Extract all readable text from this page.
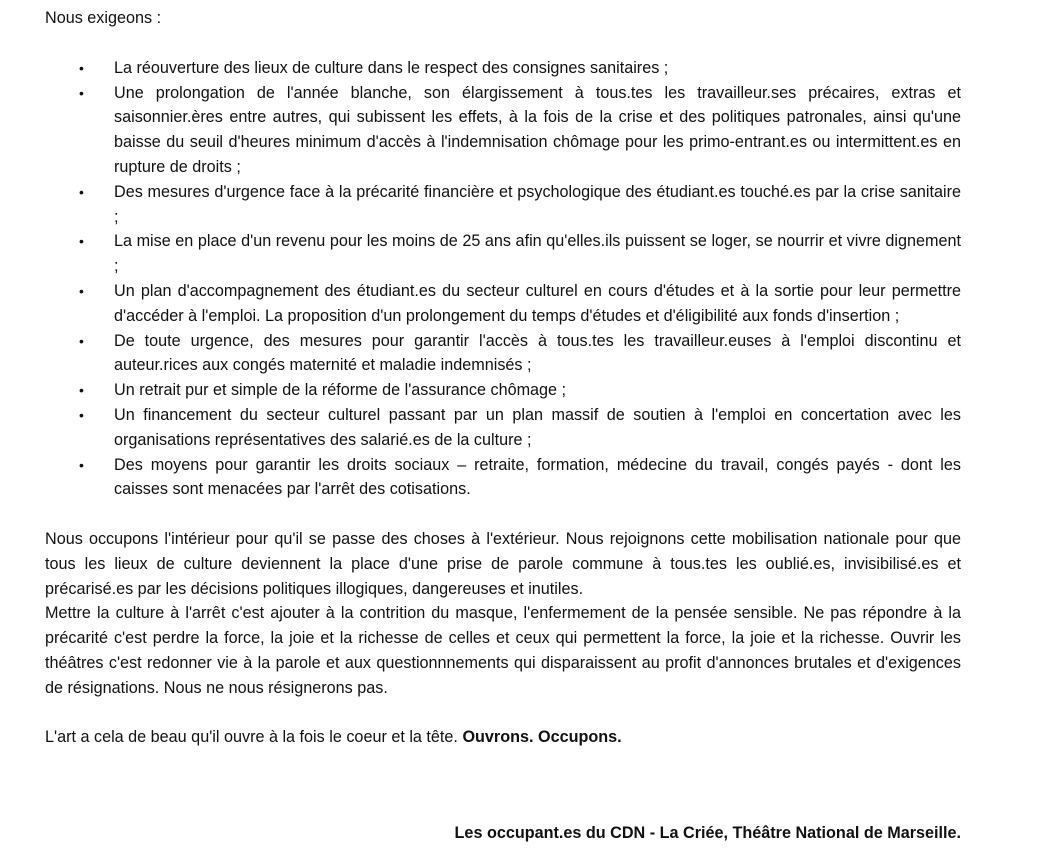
Nous exigeons :

• La réouverture des lieux de culture dans le respect des consignes sanitaires ;
• Une prolongation de l'année blanche, son élargissement à tous.tes les travailleur.ses précaires, extras et saisonnier.ères entre autres, qui subissent les effets, à la fois de la crise et des politiques patronales, ainsi qu'une baisse du seuil d'heures minimum d'accès à l'indemnisation chômage pour les primo-entrant.es ou intermittent.es en rupture de droits ;
• Des mesures d'urgence face à la précarité financière et psychologique des étudiant.es touché.es par la crise sanitaire ;
• La mise en place d'un revenu pour les moins de 25 ans afin qu'elles.ils puissent se loger, se nourrir et vivre dignement ;
• Un plan d'accompagnement des étudiant.es du secteur culturel en cours d'études et à la sortie pour leur permettre d'accéder à l'emploi. La proposition d'un prolongement du temps d'études et d'éligibilité aux fonds d'insertion ;
• De toute urgence, des mesures pour garantir l'accès à tous.tes les travailleur.euses à l'emploi discontinu et auteur.rices aux congés maternité et maladie indemnisés ;
• Un retrait pur et simple de la réforme de l'assurance chômage ;
• Un financement du secteur culturel passant par un plan massif de soutien à l'emploi en concertation avec les organisations représentatives des salarié.es de la culture ;
• Des moyens pour garantir les droits sociaux – retraite, formation, médecine du travail, congés payés - dont les caisses sont menacées par l'arrêt des cotisations.

Nous occupons l'intérieur pour qu'il se passe des choses à l'extérieur. Nous rejoignons cette mobilisation nationale pour que tous les lieux de culture deviennent la place d'une prise de parole commune à tous.tes les oublié.es, invisibilisé.es et précarisé.es par les décisions politiques illogiques, dangereuses et inutiles.

Mettre la culture à l'arrêt c'est ajouter à la contrition du masque, l'enfermement de la pensée sensible. Ne pas répondre à la précarité c'est perdre la force, la joie et la richesse de celles et ceux qui permettent la force, la joie et la richesse. Ouvrir les théâtres c'est redonner vie à la parole et aux questionnnements qui disparaissent au profit d'annonces brutales et d'exigences de résignations. Nous ne nous résignerons pas.

L'art a cela de beau qu'il ouvre à la fois le coeur et la tête. Ouvrons. Occupons.

Les occupant.es du CDN - La Criée, Théâtre National de Marseille.
